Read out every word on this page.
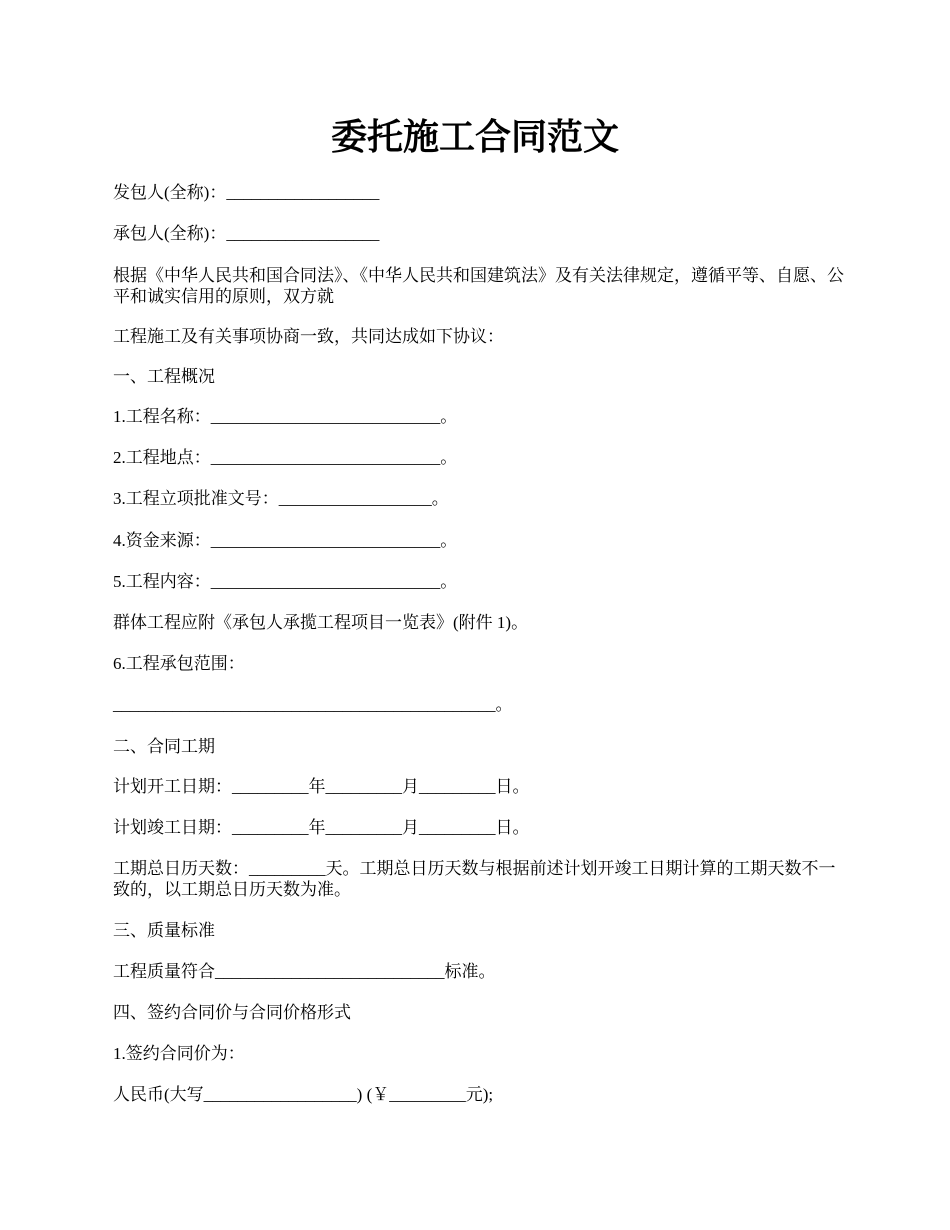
委托施工合同范文

发包人(全称)：__________________

承包人(全称)：__________________

根据《中华人民共和国合同法》、《中华人民共和国建筑法》及有关法律规定，遵循平等、自愿、公平和诚实信用的原则，双方就

工程施工及有关事项协商一致，共同达成如下协议：

一、工程概况

1.工程名称：___________________________。

2.工程地点：___________________________。

3.工程立项批准文号：__________________。

4.资金来源：___________________________。

5.工程内容：___________________________。

群体工程应附《承包人承揽工程项目一览表》(附件 1)。

6.工程承包范围：

_____________________________________________。

二、合同工期

计划开工日期：_________年_________月_________日。

计划竣工日期：_________年_________月_________日。

工期总日历天数：_________天。工期总日历天数与根据前述计划开竣工日期计算的工期天数不一致的，以工期总日历天数为准。

三、质量标准

工程质量符合___________________________标准。

四、签约合同价与合同价格形式

1.签约合同价为：

人民币(大写__________________) (￥_________元);
